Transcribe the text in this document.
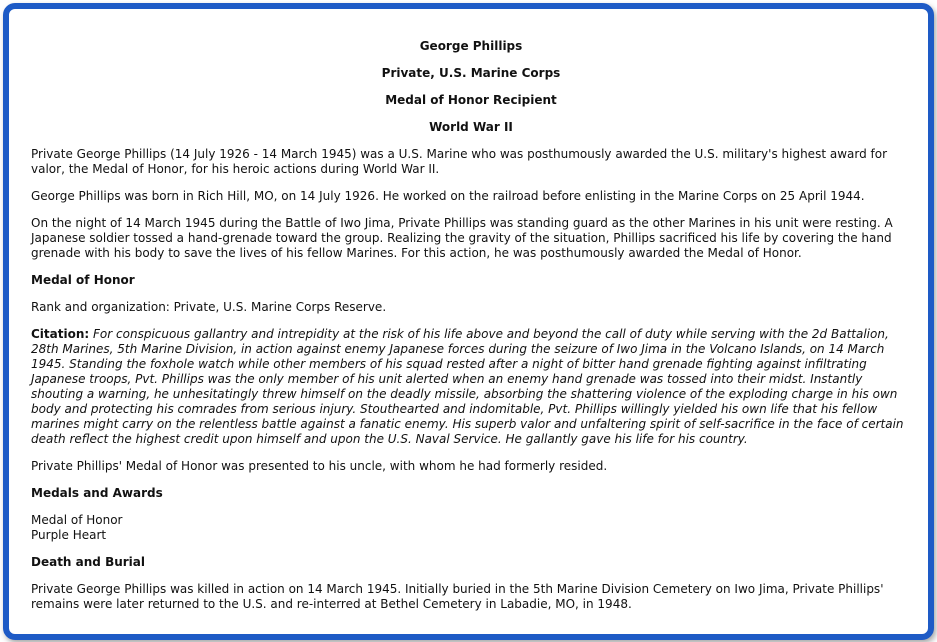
George Phillips
Private, U.S. Marine Corps
Medal of Honor Recipient
World War II

Private George Phillips (14 July 1926 - 14 March 1945) was a U.S. Marine who was posthumously awarded the U.S. military's highest award for valor, the Medal of Honor, for his heroic actions during World War II.

George Phillips was born in Rich Hill, MO, on 14 July 1926. He worked on the railroad before enlisting in the Marine Corps on 25 April 1944.

On the night of 14 March 1945 during the Battle of Iwo Jima, Private Phillips was standing guard as the other Marines in his unit were resting. A Japanese soldier tossed a hand-grenade toward the group. Realizing the gravity of the situation, Phillips sacrificed his life by covering the hand grenade with his body to save the lives of his fellow Marines. For this action, he was posthumously awarded the Medal of Honor.

Medal of Honor

Rank and organization: Private, U.S. Marine Corps Reserve.

Citation: For conspicuous gallantry and intrepidity at the risk of his life above and beyond the call of duty while serving with the 2d Battalion, 28th Marines, 5th Marine Division, in action against enemy Japanese forces during the seizure of Iwo Jima in the Volcano Islands, on 14 March 1945. Standing the foxhole watch while other members of his squad rested after a night of bitter hand grenade fighting against infiltrating Japanese troops, Pvt. Phillips was the only member of his unit alerted when an enemy hand grenade was tossed into their midst. Instantly shouting a warning, he unhesitatingly threw himself on the deadly missile, absorbing the shattering violence of the exploding charge in his own body and protecting his comrades from serious injury. Stouthearted and indomitable, Pvt. Phillips willingly yielded his own life that his fellow marines might carry on the relentless battle against a fanatic enemy. His superb valor and unfaltering spirit of self-sacrifice in the face of certain death reflect the highest credit upon himself and upon the U.S. Naval Service. He gallantly gave his life for his country.

Private Phillips' Medal of Honor was presented to his uncle, with whom he had formerly resided.

Medals and Awards
Medal of Honor
Purple Heart
Death and Burial

Private George Phillips was killed in action on 14 March 1945. Initially buried in the 5th Marine Division Cemetery on Iwo Jima, Private Phillips' remains were later returned to the U.S. and re-interred at Bethel Cemetery in Labadie, MO, in 1948.
